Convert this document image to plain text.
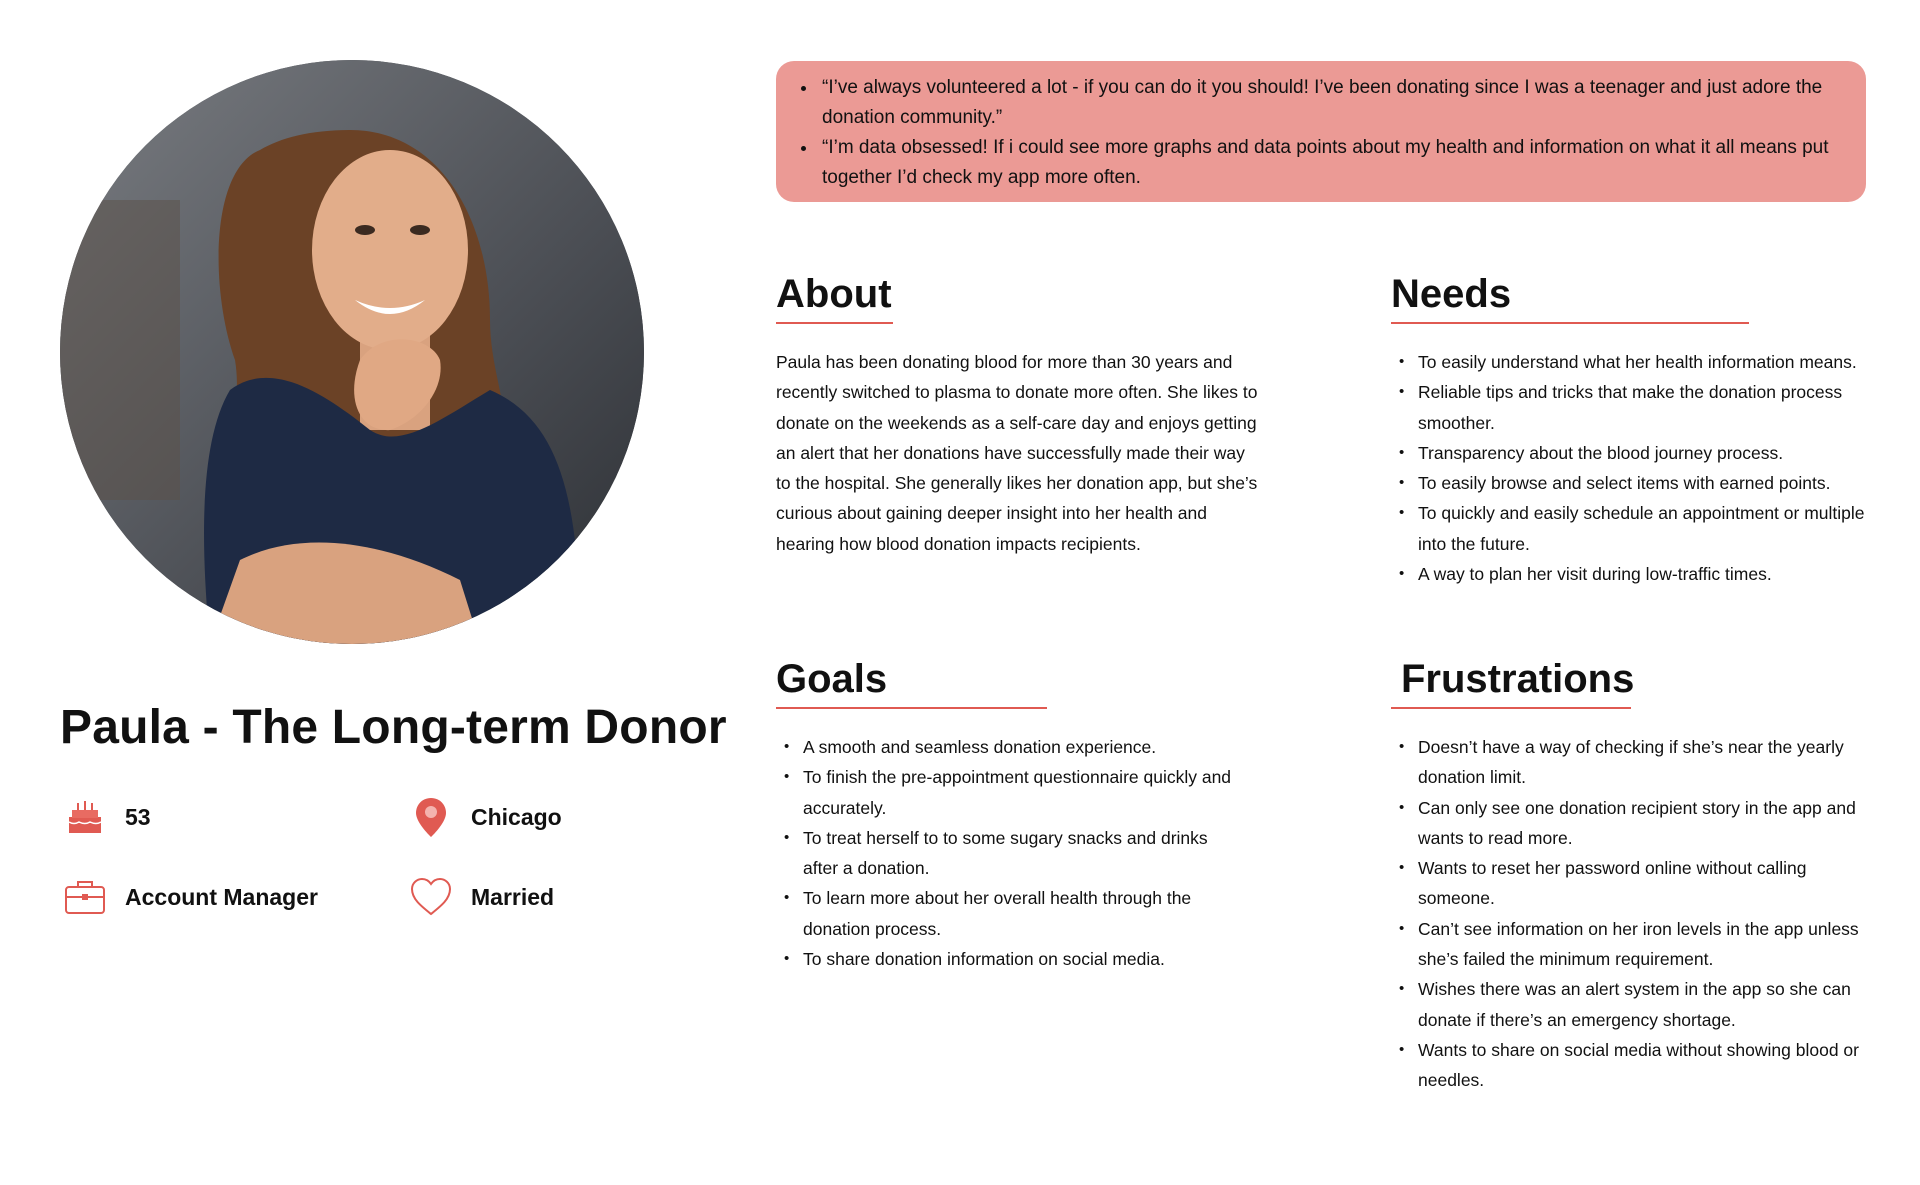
Paula - The Long-term Donor
53	Chicago
Account Manager	Married
• “I’ve always volunteered a lot - if you can do it you should! I’ve been donating since I was a teenager and just adore the donation community.”
• “I’m data obsessed! If i could see more graphs and data points about my health and information on what it all means put together I’d check my app more often.
About

Paula has been donating blood for more than 30 years and recently switched to plasma to donate more often. She likes to donate on the weekends as a self-care day and enjoys getting an alert that her donations have successfully made their way to the hospital. She generally likes her donation app, but she’s curious about gaining deeper insight into her health and hearing how blood donation impacts recipients.

Needs
• To easily understand what her health information means.
• Reliable tips and tricks that make the donation process smoother.
• Transparency about the blood journey process.
• To easily browse and select items with earned points.
• To quickly and easily schedule an appointment or multiple into the future.
• A way to plan her visit during low-traffic times.
Goals
• A smooth and seamless donation experience.
• To finish the pre-appointment questionnaire quickly and accurately.
• To treat herself to to some sugary snacks and drinks after a donation.
• To learn more about her overall health through the donation process.
• To share donation information on social media.
Frustrations
• Doesn’t have a way of checking if she’s near the yearly donation limit.
• Can only see one donation recipient story in the app and wants to read more.
• Wants to reset her password online without calling someone.
• Can’t see information on her iron levels in the app unless she’s failed the minimum requirement.
• Wishes there was an alert system in the app so she can donate if there’s an emergency shortage.
• Wants to share on social media without showing blood or needles.
